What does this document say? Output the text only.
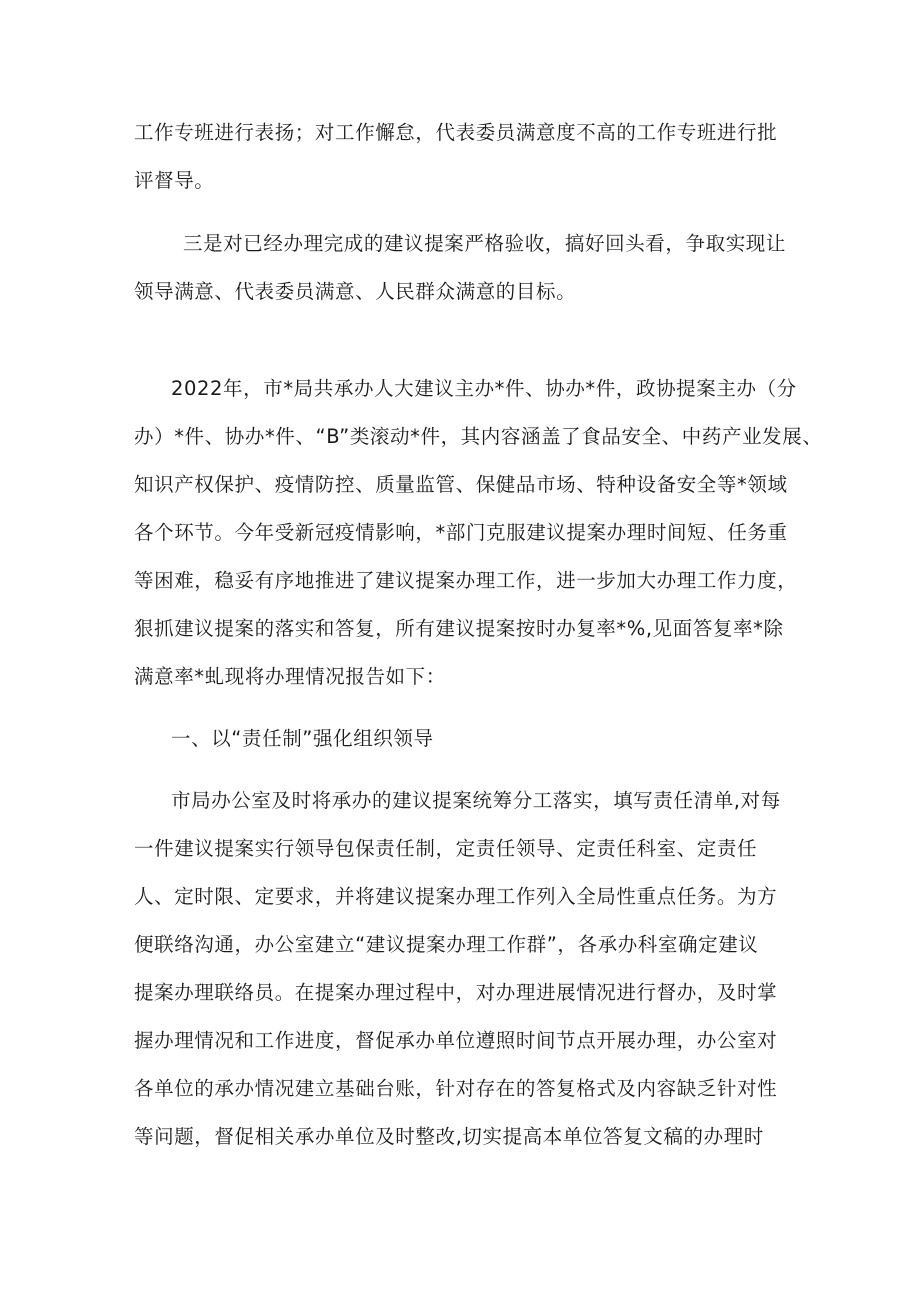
工作专班进行表扬；对工作懈怠，代表委员满意度不高的工作专班进行批

评督导。

三是对已经办理完成的建议提案严格验收，搞好回头看，争取实现让

领导满意、代表委员满意、人民群众满意的目标。

2022年，市*局共承办人大建议主办*件、协办*件，政协提案主办（分

办）*件、协办*件、“B”类滚动*件，其内容涵盖了食品安全、中药产业发展、

知识产权保护、疫情防控、质量监管、保健品市场、特种设备安全等*领域

各个环节。今年受新冠疫情影响，*部门克服建议提案办理时间短、任务重

等困难，稳妥有序地推进了建议提案办理工作，进一步加大办理工作力度，

狠抓建议提案的落实和答复，所有建议提案按时办复率*%,见面答复率*除

满意率*虬现将办理情况报告如下：

一、以“责任制”强化组织领导

市局办公室及时将承办的建议提案统筹分工落实，填写责任清单,对每

一件建议提案实行领导包保责任制，定责任领导、定责任科室、定责任

人、定时限、定要求，并将建议提案办理工作列入全局性重点任务。为方

便联络沟通，办公室建立“建议提案办理工作群”，各承办科室确定建议

提案办理联络员。在提案办理过程中，对办理进展情况进行督办，及时掌

握办理情况和工作进度，督促承办单位遵照时间节点开展办理，办公室对

各单位的承办情况建立基础台账，针对存在的答复格式及内容缺乏针对性

等问题，督促相关承办单位及时整改,切实提高本单位答复文稿的办理时
